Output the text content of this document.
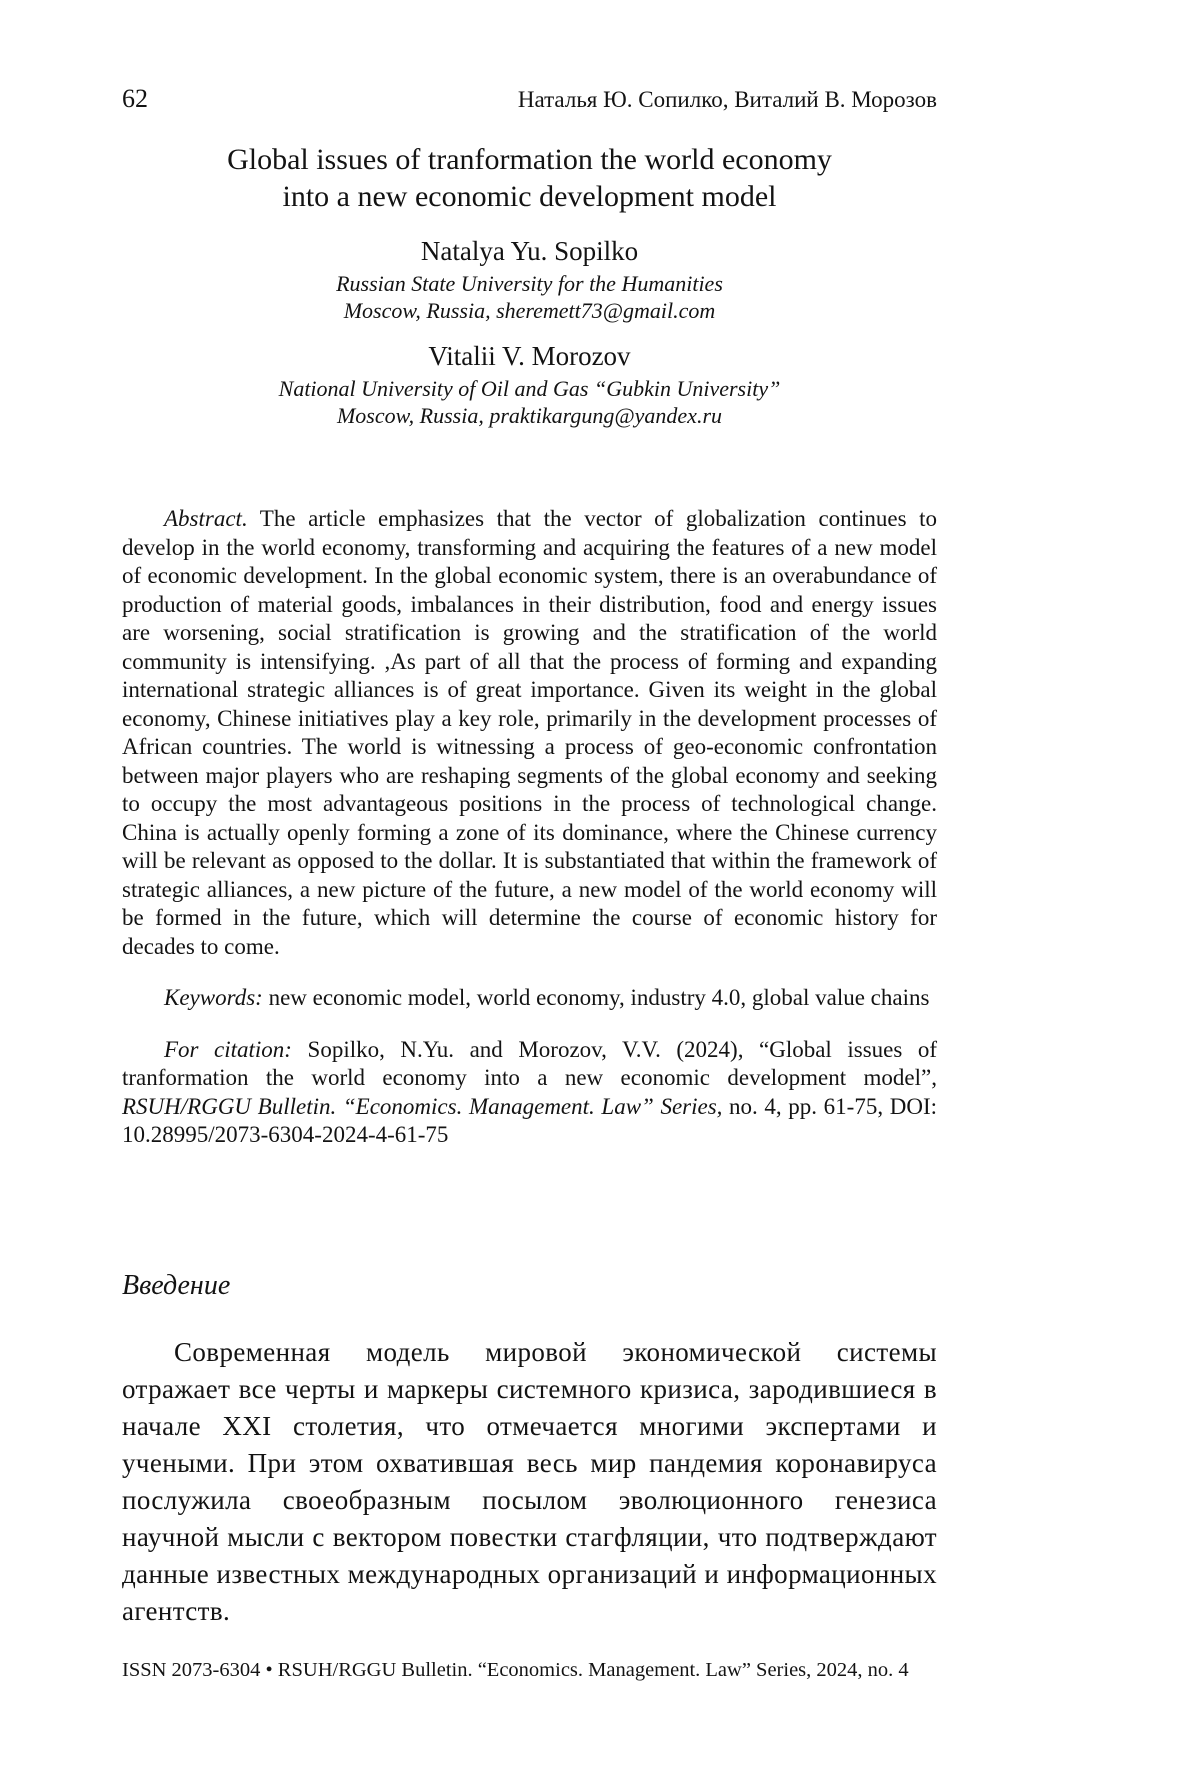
62	Наталья Ю. Сопилко, Виталий В. Морозов
Global issues of tranformation the world economy
into a new economic development model
Natalya Yu. Sopilko
Russian State University for the Humanities
Moscow, Russia, sheremett73@gmail.com
Vitalii V. Morozov
National University of Oil and Gas “Gubkin University”
Moscow, Russia, praktikargung@yandex.ru

Abstract. The article emphasizes that the vector of globalization continues to develop in the world economy, transforming and acquiring the features of a new model of economic development. In the global economic system, there is an overabundance of production of material goods, imbalances in their distribution, food and energy issues are worsening, social stratification is growing and the stratification of the world community is intensifying. ,As part of all that the process of forming and expanding international strategic alliances is of great importance. Given its weight in the global economy, Chinese initiatives play a key role, primarily in the development processes of African countries. The world is witnessing a process of geo-economic confrontation between major players who are reshaping segments of the global economy and seeking to occupy the most advantageous positions in the process of technological change. China is actually openly forming a zone of its dominance, where the Chinese currency will be relevant as opposed to the dollar. It is substantiated that within the framework of strategic alliances, a new picture of the future, a new model of the world economy will be formed in the future, which will determine the course of economic history for decades to come.

Keywords: new economic model, world economy, industry 4.0, global value chains

For citation: Sopilko, N.Yu. and Morozov, V.V. (2024), “Global issues of tranformation the world economy into a new economic development model”, RSUH/RGGU Bulletin. “Economics. Management. Law” Series, no. 4, pp. 61-75, DOI: 10.28995/2073-6304-2024-4-61-75

Введение

Современная модель мировой экономической системы отражает все черты и маркеры системного кризиса, зародившиеся в начале XXI столетия, что отмечается многими экспертами и учеными. При этом охватившая весь мир пандемия коронавируса послужила своеобразным посылом эволюционного генезиса научной мысли с вектором повестки стагфляции, что подтверждают данные известных международных организаций и информационных агентств.

ISSN 2073-6304 • RSUH/RGGU Bulletin. “Economics. Management. Law” Series, 2024, no. 4
